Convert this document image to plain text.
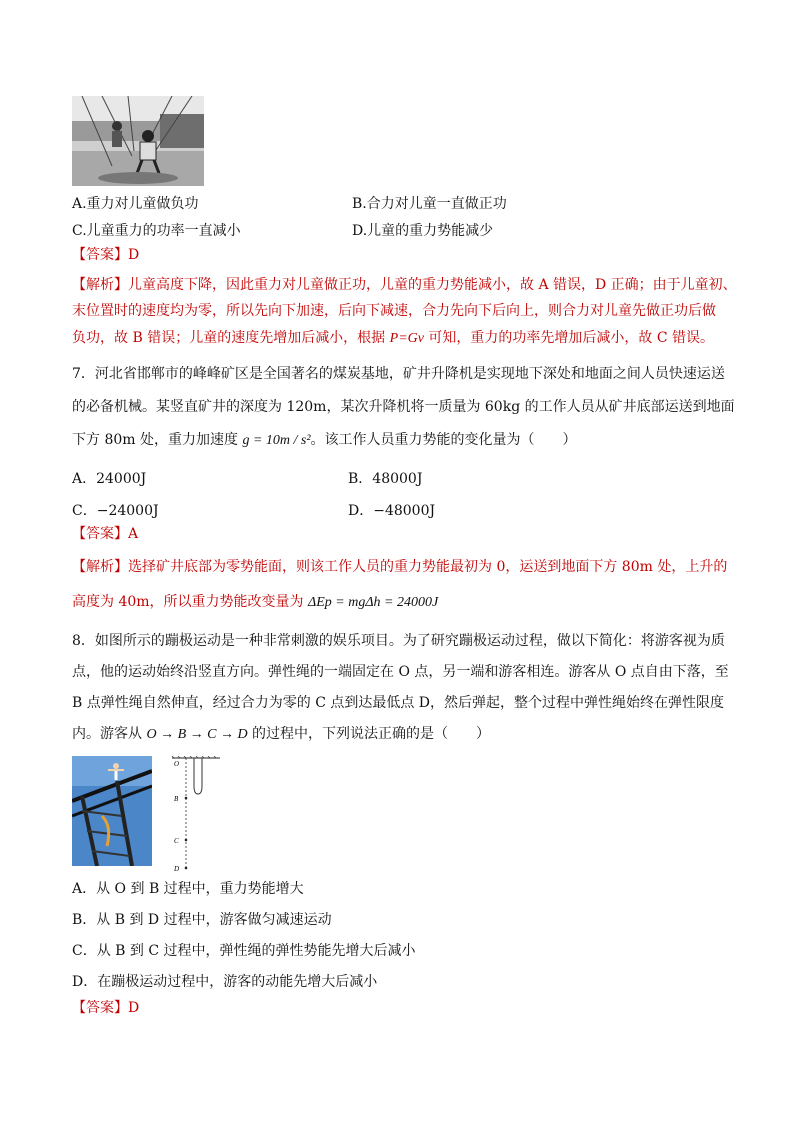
A.重力对儿童做负功	B.合力对儿童一直做正功
C.儿童重力的功率一直减小	D.儿童的重力势能减少
【答案】D
【解析】儿童高度下降，因此重力对儿童做正功，儿童的重力势能减小，故 A 错误，D 正确；由于儿童初、
末位置时的速度均为零，所以先向下加速，后向下减速，合力先向下后向上，则合力对儿童先做正功后做
负功，故 B 错误；儿童的速度先增加后减小，根据 P=Gv 可知，重力的功率先增加后减小，故 C 错误。
7．河北省邯郸市的峰峰矿区是全国著名的煤炭基地，矿井升降机是实现地下深处和地面之间人员快速运送
的必备机械。某竖直矿井的深度为 120m，某次升降机将一质量为 60kg 的工作人员从矿井底部运送到地面
下方 80m 处，重力加速度 g = 10m / s²。该工作人员重力势能的变化量为（　　）
A．24000J	B．48000J
C．−24000J	D．−48000J
【答案】A
【解析】选择矿井底部为零势能面，则该工作人员的重力势能最初为 0，运送到地面下方 80m 处，上升的
高度为 40m，所以重力势能改变量为 ΔEp = mgΔh = 24000J
8．如图所示的蹦极运动是一种非常刺激的娱乐项目。为了研究蹦极运动过程，做以下简化：将游客视为质
点，他的运动始终沿竖直方向。弹性绳的一端固定在 O 点，另一端和游客相连。游客从 O 点自由下落，至
B 点弹性绳自然伸直，经过合力为零的 C 点到达最低点 D，然后弹起，整个过程中弹性绳始终在弹性限度
内。游客从 O → B → C → D 的过程中，下列说法正确的是（　　）
O
B
C
D
A．从 O 到 B 过程中，重力势能增大
B．从 B 到 D 过程中，游客做匀减速运动
C．从 B 到 C 过程中，弹性绳的弹性势能先增大后减小
D．在蹦极运动过程中，游客的动能先增大后减小
【答案】D
